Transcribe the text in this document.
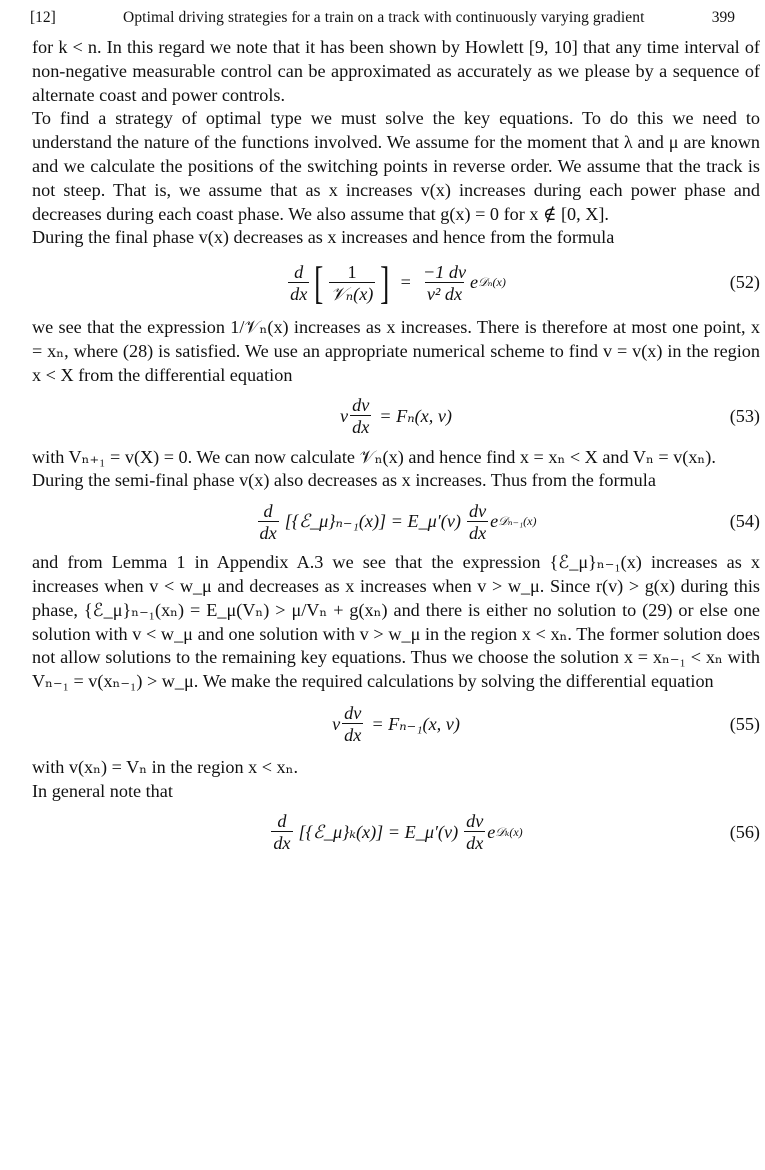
[12]	Optimal driving strategies for a train on a track with continuously varying gradient	399

for k < n. In this regard we note that it has been shown by Howlett [9, 10] that any time interval of non-negative measurable control can be approximated as accurately as we please by a sequence of alternate coast and power controls.

To find a strategy of optimal type we must solve the key equations. To do this we need to understand the nature of the functions involved. We assume for the moment that λ and μ are known and we calculate the positions of the switching points in reverse order. We assume that the track is not steep. That is, we assume that as x increases v(x) increases during each power phase and decreases during each coast phase. We also assume that g(x) = 0 for x ∉ [0, X].

During the final phase v(x) decreases as x increases and hence from the formula

$\frac{d}{dx}$ [ $\frac{1}{\text{𝒱ₙ(x)}}$ ] = $\frac{-1 dv}{\text{v² dx}}$ e 𝒟ₙ(x)	(52)

we see that the expression 1/𝒱ₙ(x) increases as x increases. There is therefore at most one point, x = xₙ, where (28) is satisfied. We use an appropriate numerical scheme to find v = v(x) in the region x < X from the differential equation

v $\frac{dv}{dx} = F_n(x$, v)	(53)

with Vₙ₊₁ = v(X) = 0. We can now calculate 𝒱ₙ(x) and hence find x = xₙ < X and Vₙ = v(xₙ).

During the semi-final phase v(x) also decreases as x increases. Thus from the formula

$\frac{d}{dx}$ [{ℰ_μ}ₙ₋₁(x)] = E_μ′(v) $\frac{dv}{dx}$ e 𝒟ₙ₋₁(x)	(54)

and from Lemma 1 in Appendix A.3 we see that the expression {ℰ_μ}ₙ₋₁(x) increases as x increases when v < w_μ and decreases as x increases when v > w_μ. Since r(v) > g(x) during this phase, {ℰ_μ}ₙ₋₁(xₙ) = E_μ(Vₙ) > μ/Vₙ + g(xₙ) and there is either no solution to (29) or else one solution with v < w_μ and one solution with v > w_μ in the region x < xₙ. The former solution does not allow solutions to the remaining key equations. Thus we choose the solution x = xₙ₋₁ < xₙ with Vₙ₋₁ = v(xₙ₋₁) > w_μ. We make the required calculations by solving the differential equation

v $\frac{dv}{dx} = F_{n-1}(x$, v)	(55)

with v(xₙ) = Vₙ in the region x < xₙ.

In general note that

$\frac{d}{dx}$ [{ℰ_μ}ₖ(x)] = E_μ′(v) $\frac{dv}{dx}$ e 𝒟ₖ(x)	(56)
